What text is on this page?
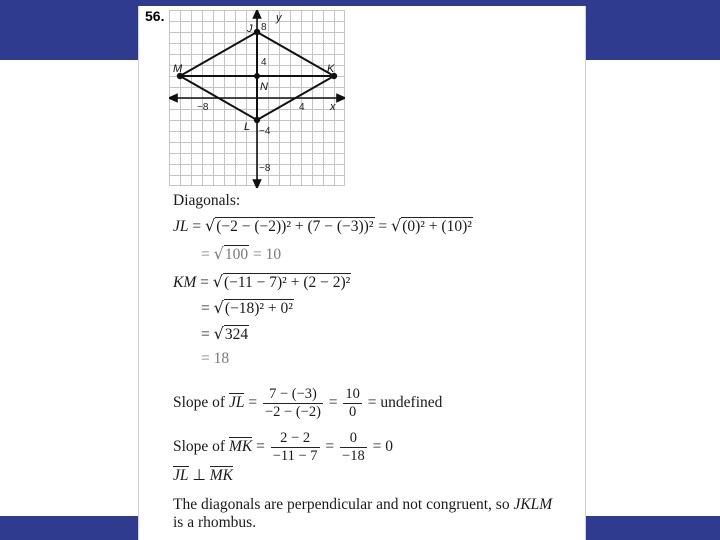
56.
J
K
L
M
N
x
y
−8	4
8
4
−4
−8
Diagonals:
JL = √(−2 − (−2))² + (7 − (−3))² = √(0)² + (10)²
= √100 = 10
KM = √(−11 − 7)² + (2 − 2)²
= √(−18)² + 0²
= √324
= 18
Slope of JL = $\frac{7 - (-3)}{-2 - (-2)} = \frac{10}{0}$ = undefined
Slope of MK = $\frac{2 - 2}{-11 - 7} = \frac{0}{-18} = 0$
JL ⊥ MK
The diagonals are perpendicular and not congruent, so JKLM
is a rhombus.
